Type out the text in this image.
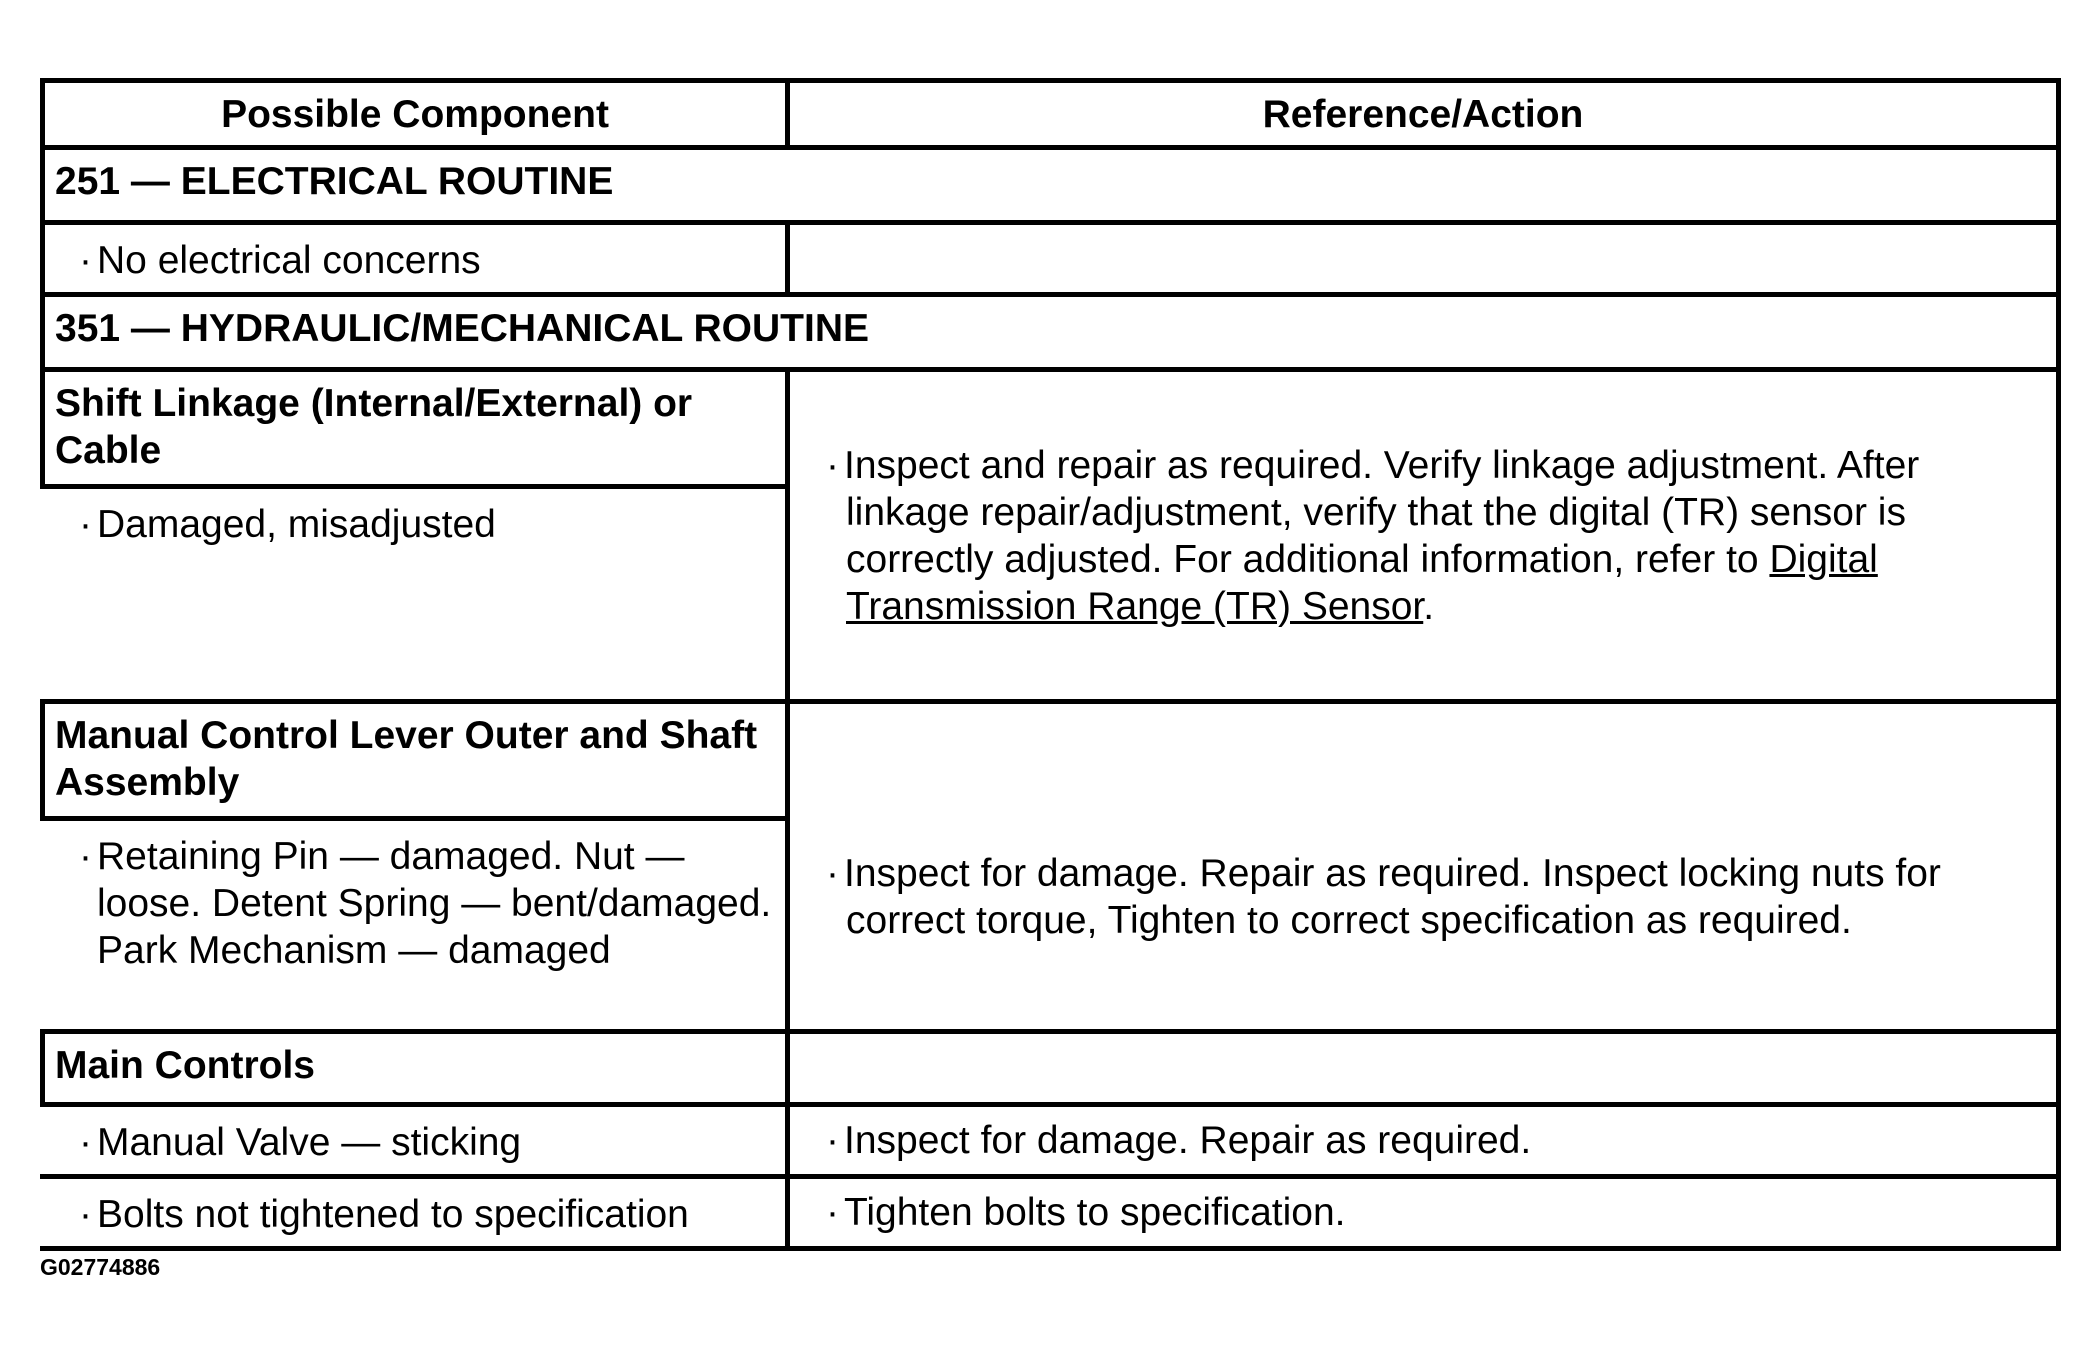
Possible Component	Reference/Action
251 — ELECTRICAL ROUTINE	
· No electrical concerns	
351 — HYDRAULIC/MECHANICAL ROUTINE	
Shift Linkage (Internal/External) or Cable	· Inspect and repair as required. Verify linkage adjustment. After linkage repair/adjustment, verify that the digital (TR) sensor is correctly adjusted. For additional information, refer to Digital Transmission Range (TR) Sensor.
· Damaged, misadjusted	
Manual Control Lever Outer and Shaft Assembly	· Inspect for damage. Repair as required. Inspect locking nuts for correct torque, Tighten to correct specification as required.
· Retaining Pin — damaged. Nut — loose. Detent Spring — bent/damaged. Park Mechanism — damaged	
Main Controls	
· Manual Valve — sticking	· Inspect for damage. Repair as required.
· Bolts not tightened to specification	· Tighten bolts to specification.
G02774886
